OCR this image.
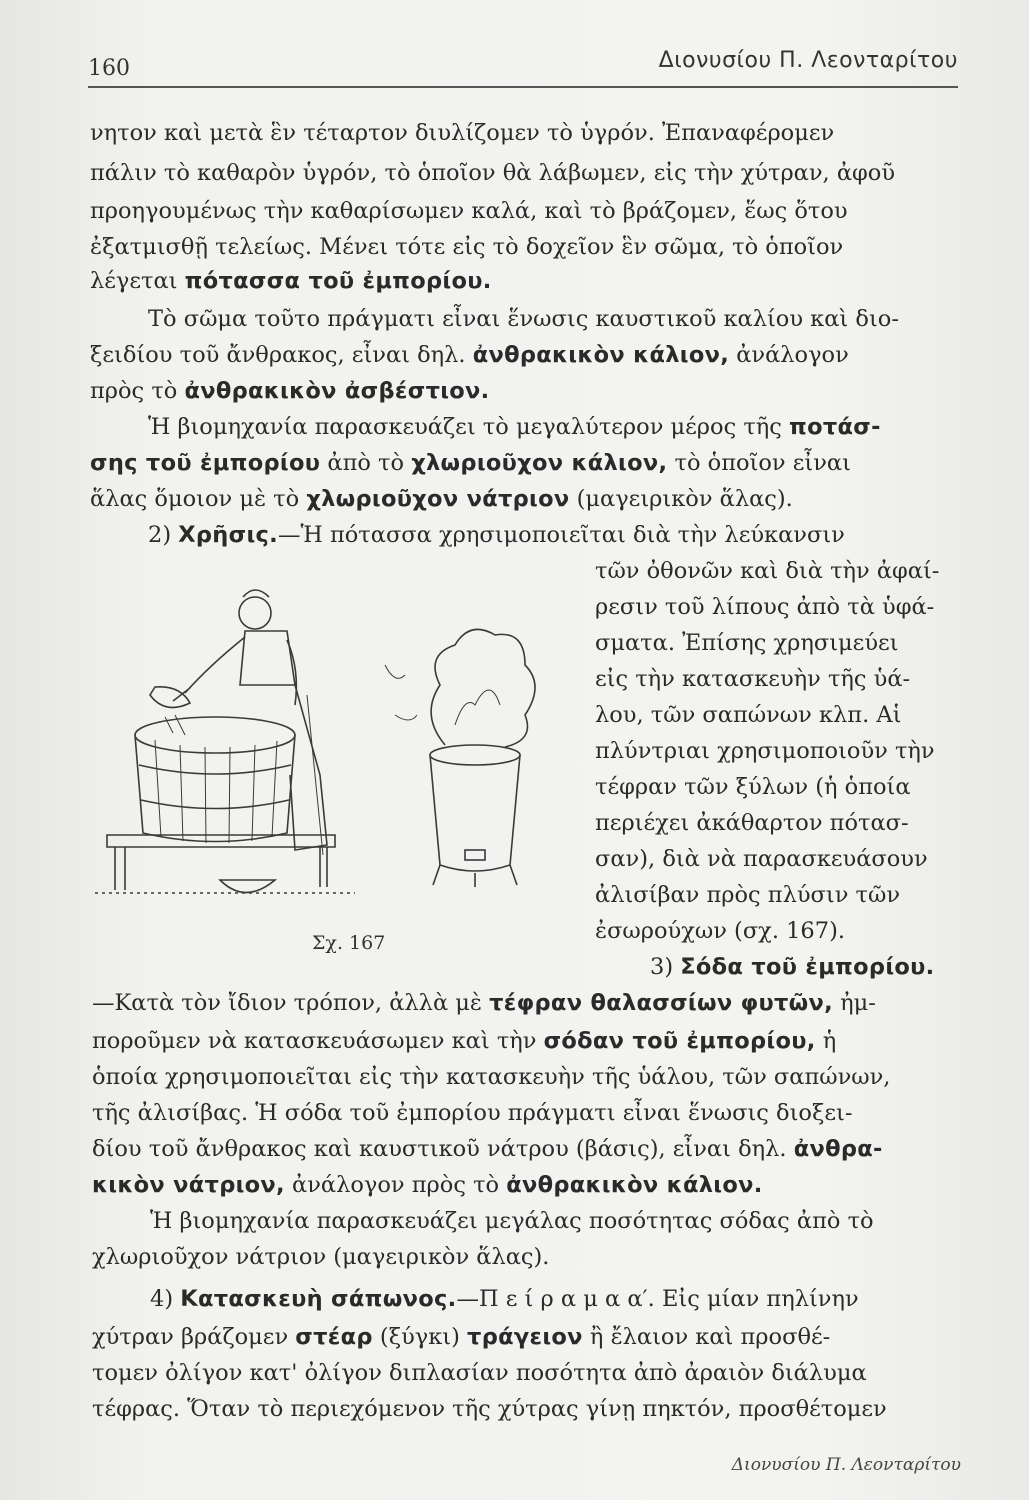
160	Διονυσίου Π. Λεονταρίτου
νητον καὶ μετὰ ἓν τέταρτον διυλίζομεν τὸ ὑγρόν. Ἐπαναφέρομεν
πάλιν τὸ καθαρὸν ὑγρόν, τὸ ὁποῖον θὰ λάβωμεν, εἰς τὴν χύτραν, ἀφοῦ
προηγουμένως τὴν καθαρίσωμεν καλά, καὶ τὸ βράζομεν, ἕως ὅτου
ἐξατμισθῇ τελείως. Μένει τότε εἰς τὸ δοχεῖον ἓν σῶμα, τὸ ὁποῖον
λέγεται πότασσα τοῦ ἐμπορίου.
Τὸ σῶμα τοῦτο πράγματι εἶναι ἕνωσις καυστικοῦ καλίου καὶ διο-
ξειδίου τοῦ ἄνθρακος, εἶναι δηλ. ἀνθρακικὸν κάλιον, ἀνάλογον
πρὸς τὸ ἀνθρακικὸν ἀσβέστιον.
Ἡ βιομηχανία παρασκευάζει τὸ μεγαλύτερον μέρος τῆς ποτάσ-
σης τοῦ ἐμπορίου ἀπὸ τὸ χλωριοῦχον κάλιον, τὸ ὁποῖον εἶναι
ἅλας ὅμοιον μὲ τὸ χλωριοῦχον νάτριον (μαγειρικὸν ἅλας).
2) Χρῆσις.—Ἡ πότασσα χρησιμοποιεῖται διὰ τὴν λεύκανσιν
τῶν ὀθονῶν καὶ διὰ τὴν ἀφαί-
ρεσιν τοῦ λίπους ἀπὸ τὰ ὑφά-
σματα. Ἐπίσης χρησιμεύει
εἰς τὴν κατασκευὴν τῆς ὑά-
λου, τῶν σαπώνων κλπ. Αἱ
πλύντριαι χρησιμοποιοῦν τὴν
τέφραν τῶν ξύλων (ἡ ὁποία
περιέχει ἀκάθαρτον πότασ-
σαν), διὰ νὰ παρασκευάσουν
ἀλισίβαν πρὸς πλύσιν τῶν
ἐσωρούχων (σχ. 167).
3) Σόδα τοῦ ἐμπορίου.
Σχ. 167
—Κατὰ τὸν ἴδιον τρόπον, ἀλλὰ μὲ τέφραν θαλασσίων φυτῶν, ἠμ-
ποροῦμεν νὰ κατασκευάσωμεν καὶ τὴν σόδαν τοῦ ἐμπορίου, ἡ
ὁποία χρησιμοποιεῖται εἰς τὴν κατασκευὴν τῆς ὑάλου, τῶν σαπώνων,
τῆς ἀλισίβας. Ἡ σόδα τοῦ ἐμπορίου πράγματι εἶναι ἕνωσις διοξει-
δίου τοῦ ἄνθρακος καὶ καυστικοῦ νάτρου (βάσις), εἶναι δηλ. ἀνθρα-
κικὸν νάτριον, ἀνάλογον πρὸς τὸ ἀνθρακικὸν κάλιον.
Ἡ βιομηχανία παρασκευάζει μεγάλας ποσότητας σόδας ἀπὸ τὸ
χλωριοῦχον νάτριον (μαγειρικὸν ἅλας).
4) Κατασκευὴ σάπωνος.—Π ε ί ρ α μ α α′. Εἰς μίαν πηλίνην
χύτραν βράζομεν στέαρ (ξύγκι) τράγειον ἢ ἔλαιον καὶ προσθέ-
τομεν ὀλίγον κατ' ὀλίγον διπλασίαν ποσότητα ἀπὸ ἀραιὸν διάλυμα
τέφρας. Ὅταν τὸ περιεχόμενον τῆς χύτρας γίνῃ πηκτόν, προσθέτομεν
Διονυσίου Π. Λεονταρίτου
